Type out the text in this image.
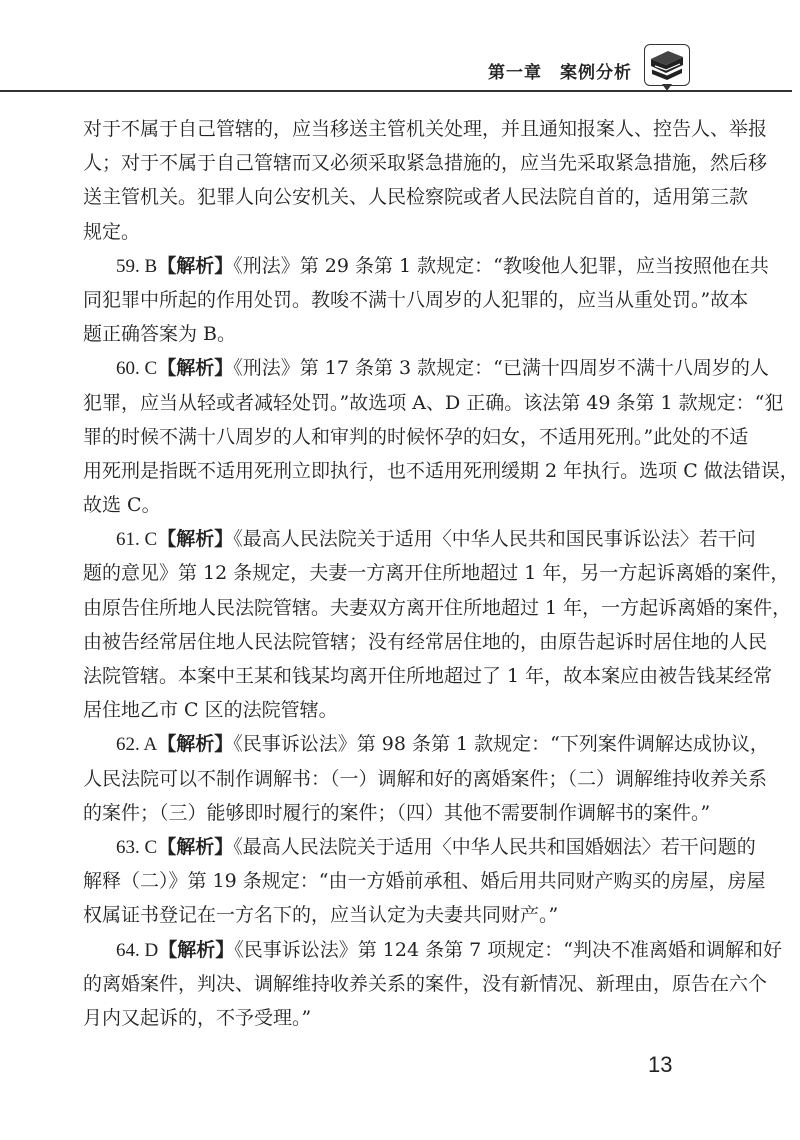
第一章　案例分析
对于不属于自己管辖的，应当移送主管机关处理，并且通知报案人、控告人、举报
人；对于不属于自己管辖而又必须采取紧急措施的，应当先采取紧急措施，然后移
送主管机关。犯罪人向公安机关、人民检察院或者人民法院自首的，适用第三款
规定。
59. B【解析】《刑法》第 29 条第 1 款规定：“教唆他人犯罪，应当按照他在共
同犯罪中所起的作用处罚。教唆不满十八周岁的人犯罪的，应当从重处罚。”故本
题正确答案为 B。
60. C【解析】《刑法》第 17 条第 3 款规定：“已满十四周岁不满十八周岁的人
犯罪，应当从轻或者减轻处罚。”故选项 A、D 正确。该法第 49 条第 1 款规定：“犯
罪的时候不满十八周岁的人和审判的时候怀孕的妇女，不适用死刑。”此处的不适
用死刑是指既不适用死刑立即执行，也不适用死刑缓期 2 年执行。选项 C 做法错误，
故选 C。
61. C【解析】《最高人民法院关于适用〈中华人民共和国民事诉讼法〉若干问
题的意见》第 12 条规定，夫妻一方离开住所地超过 1 年，另一方起诉离婚的案件，
由原告住所地人民法院管辖。夫妻双方离开住所地超过 1 年，一方起诉离婚的案件，
由被告经常居住地人民法院管辖；没有经常居住地的，由原告起诉时居住地的人民
法院管辖。本案中王某和钱某均离开住所地超过了 1 年，故本案应由被告钱某经常
居住地乙市 C 区的法院管辖。
62. A【解析】《民事诉讼法》第 98 条第 1 款规定：“下列案件调解达成协议，
人民法院可以不制作调解书：（一）调解和好的离婚案件；（二）调解维持收养关系
的案件；（三）能够即时履行的案件；（四）其他不需要制作调解书的案件。”
63. C【解析】《最高人民法院关于适用〈中华人民共和国婚姻法〉若干问题的
解释（二）》第 19 条规定：“由一方婚前承租、婚后用共同财产购买的房屋，房屋
权属证书登记在一方名下的，应当认定为夫妻共同财产。”
64. D【解析】《民事诉讼法》第 124 条第 7 项规定：“判决不准离婚和调解和好
的离婚案件，判决、调解维持收养关系的案件，没有新情况、新理由，原告在六个
月内又起诉的，不予受理。”
13
